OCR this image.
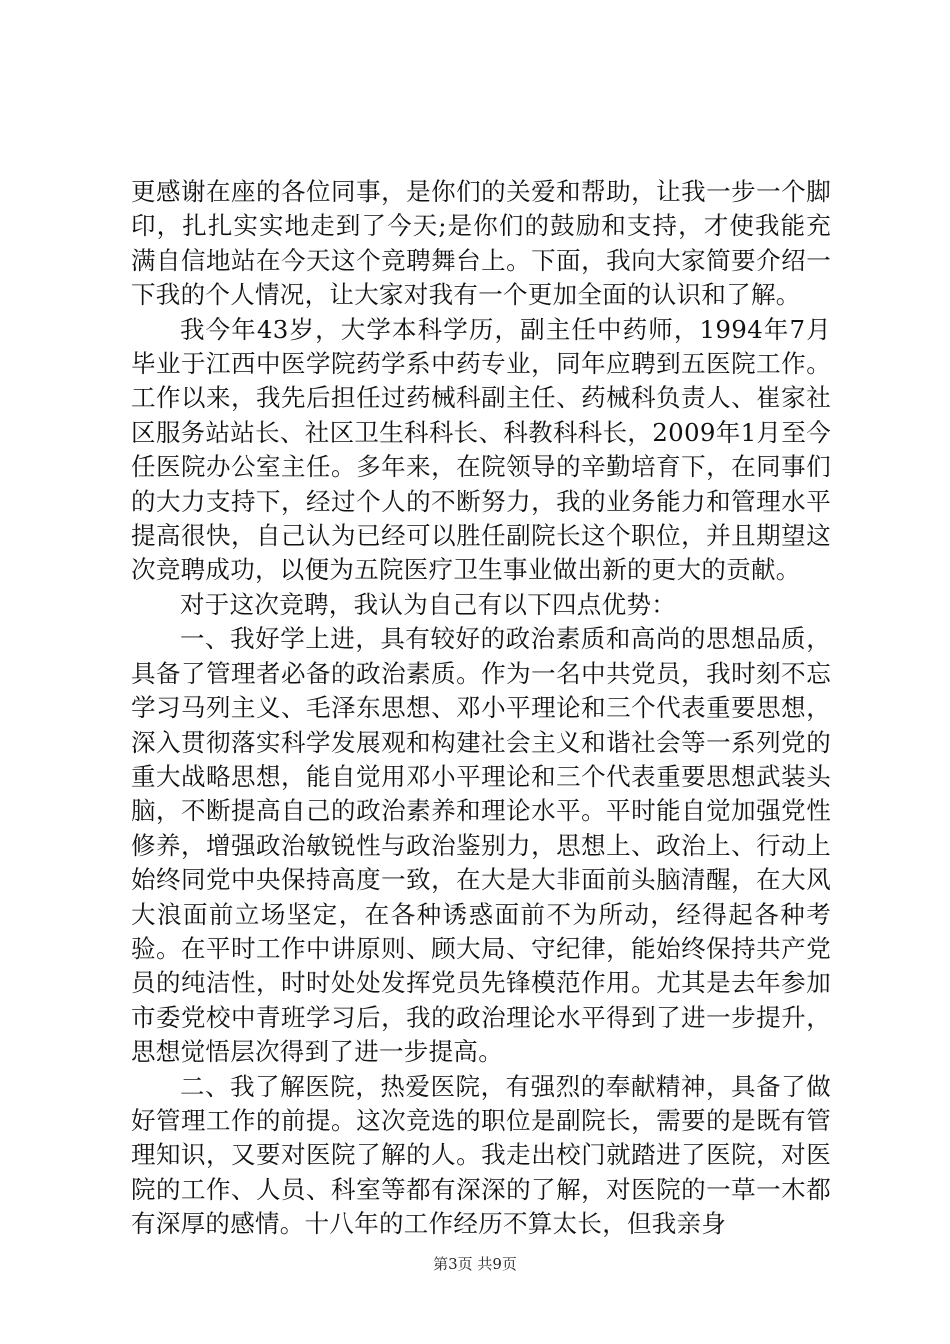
更感谢在座的各位同事，是你们的关爱和帮助，让我一步一个脚印，扎扎实实地走到了今天;是你们的鼓励和支持，才使我能充满自信地站在今天这个竞聘舞台上。下面，我向大家简要介绍一下我的个人情况，让大家对我有一个更加全面的认识和了解。

我今年43岁，大学本科学历，副主任中药师，1994年7月毕业于江西中医学院药学系中药专业，同年应聘到五医院工作。工作以来，我先后担任过药械科副主任、药械科负责人、崔家社区服务站站长、社区卫生科科长、科教科科长，2009年1月至今任医院办公室主任。多年来，在院领导的辛勤培育下，在同事们的大力支持下，经过个人的不断努力，我的业务能力和管理水平提高很快，自己认为已经可以胜任副院长这个职位，并且期望这次竞聘成功，以便为五院医疗卫生事业做出新的更大的贡献。

对于这次竞聘，我认为自己有以下四点优势：

一、我好学上进，具有较好的政治素质和高尚的思想品质，具备了管理者必备的政治素质。作为一名中共党员，我时刻不忘学习马列主义、毛泽东思想、邓小平理论和三个代表重要思想，深入贯彻落实科学发展观和构建社会主义和谐社会等一系列党的重大战略思想，能自觉用邓小平理论和三个代表重要思想武装头脑，不断提高自己的政治素养和理论水平。平时能自觉加强党性修养，增强政治敏锐性与政治鉴别力，思想上、政治上、行动上始终同党中央保持高度一致，在大是大非面前头脑清醒，在大风大浪面前立场坚定，在各种诱惑面前不为所动，经得起各种考验。在平时工作中讲原则、顾大局、守纪律，能始终保持共产党员的纯洁性，时时处处发挥党员先锋模范作用。尤其是去年参加市委党校中青班学习后，我的政治理论水平得到了进一步提升，思想觉悟层次得到了进一步提高。

二、我了解医院，热爱医院，有强烈的奉献精神，具备了做好管理工作的前提。这次竞选的职位是副院长，需要的是既有管理知识，又要对医院了解的人。我走出校门就踏进了医院，对医院的工作、人员、科室等都有深深的了解，对医院的一草一木都有深厚的感情。十八年的工作经历不算太长，但我亲身

第3页 共9页
